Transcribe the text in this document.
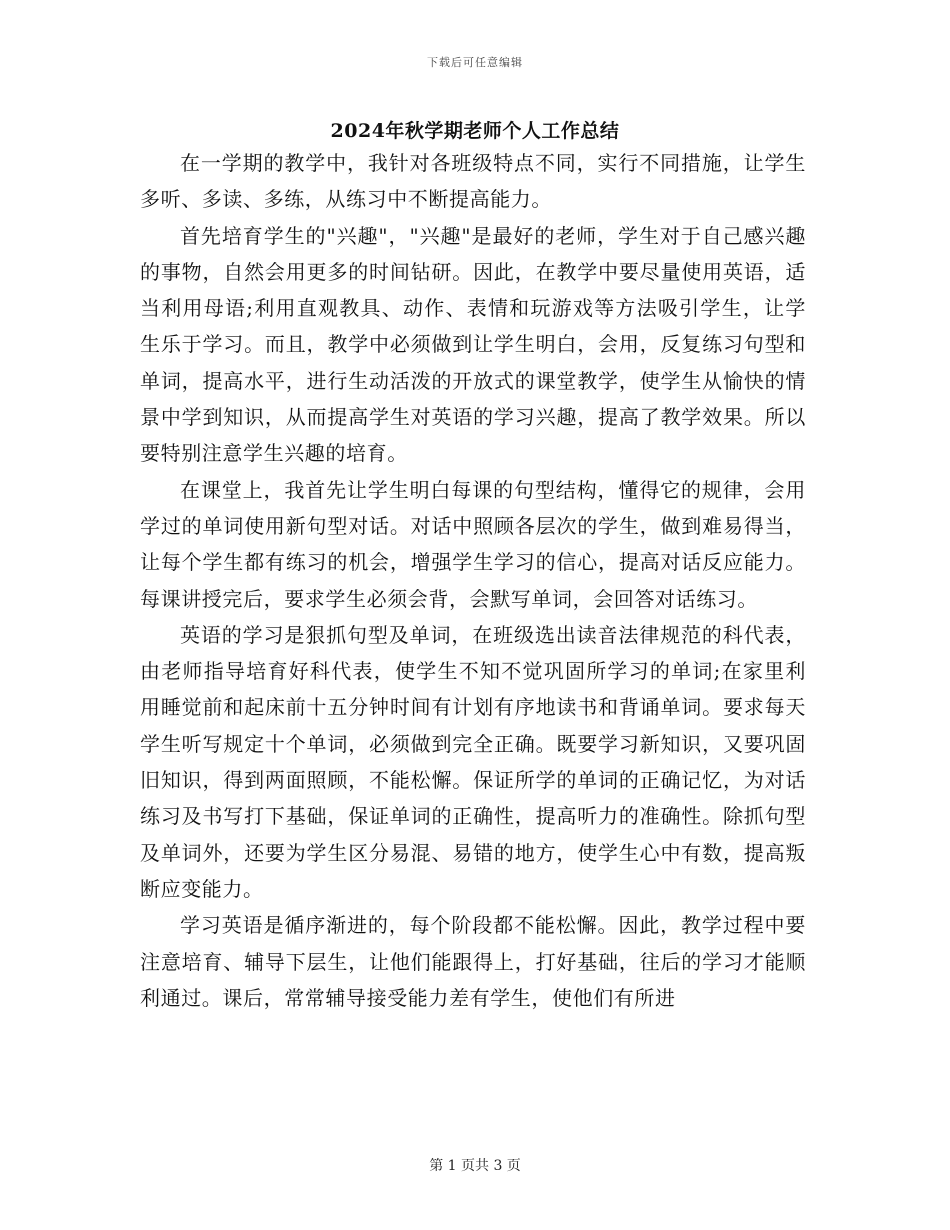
下载后可任意编辑
2024年秋学期老师个人工作总结

在一学期的教学中，我针对各班级特点不同，实行不同措施，让学生多听、多读、多练，从练习中不断提高能力。

首先培育学生的"兴趣"，"兴趣"是最好的老师，学生对于自己感兴趣的事物，自然会用更多的时间钻研。因此，在教学中要尽量使用英语，适当利用母语;利用直观教具、动作、表情和玩游戏等方法吸引学生，让学生乐于学习。而且，教学中必须做到让学生明白，会用，反复练习句型和单词，提高水平，进行生动活泼的开放式的课堂教学，使学生从愉快的情景中学到知识，从而提高学生对英语的学习兴趣，提高了教学效果。所以要特别注意学生兴趣的培育。

在课堂上，我首先让学生明白每课的句型结构，懂得它的规律，会用学过的单词使用新句型对话。对话中照顾各层次的学生，做到难易得当，让每个学生都有练习的机会，增强学生学习的信心，提高对话反应能力。每课讲授完后，要求学生必须会背，会默写单词，会回答对话练习。

英语的学习是狠抓句型及单词，在班级选出读音法律规范的科代表，由老师指导培育好科代表，使学生不知不觉巩固所学习的单词;在家里利用睡觉前和起床前十五分钟时间有计划有序地读书和背诵单词。要求每天学生听写规定十个单词，必须做到完全正确。既要学习新知识，又要巩固旧知识，得到两面照顾，不能松懈。保证所学的单词的正确记忆，为对话练习及书写打下基础，保证单词的正确性，提高听力的准确性。除抓句型及单词外，还要为学生区分易混、易错的地方，使学生心中有数，提高叛断应变能力。

学习英语是循序渐进的，每个阶段都不能松懈。因此，教学过程中要注意培育、辅导下层生，让他们能跟得上，打好基础，往后的学习才能顺利通过。课后，常常辅导接受能力差有学生，使他们有所进

第 1 页共 3 页
